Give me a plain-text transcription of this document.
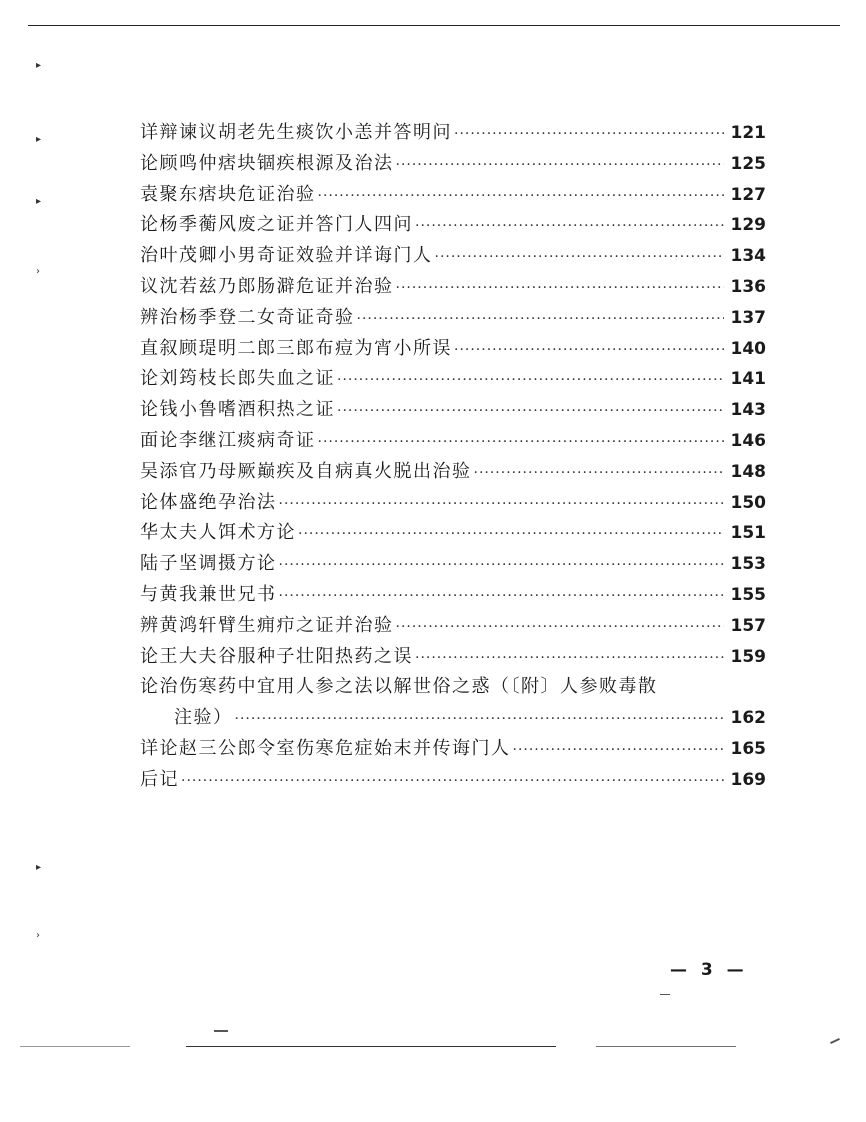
▸
▸
▸
›
▸
›
详辩谏议胡老先生痰饮小恙并答明问 ·····	121
论顾鸣仲痞块锢疾根源及治法 ·····	125
袁聚东痞块危证治验 ·····	127
论杨季蘅风废之证并答门人四问 ·····	129
治叶茂卿小男奇证效验并详诲门人 ·····	134
议沈若兹乃郎肠澼危证并治验 ·····	136
辨治杨季登二女奇证奇验 ·····	137
直叙顾瑅明二郎三郎布痘为宵小所误 ·····	140
论刘筠枝长郎失血之证 ·····	141
论钱小鲁嗜酒积热之证 ·····	143
面论李继江痰病奇证 ·····	146
吴添官乃母厥巅疾及自病真火脱出治验 ·····	148
论体盛绝孕治法 ·····	150
华太夫人饵术方论 ·····	151
陆子坚调摄方论 ·····	153
与黄我兼世兄书 ·····	155
辨黄鸿轩臂生痈疖之证并治验 ·····	157
论王大夫谷服种子壮阳热药之误 ·····	159
论治伤寒药中宜用人参之法以解世俗之惑（〔附〕人参败毒散
注验） ·····	162
详论赵三公郎令室伤寒危症始末并传诲门人 ·····	165
后记 ·····	169
— 3 —
